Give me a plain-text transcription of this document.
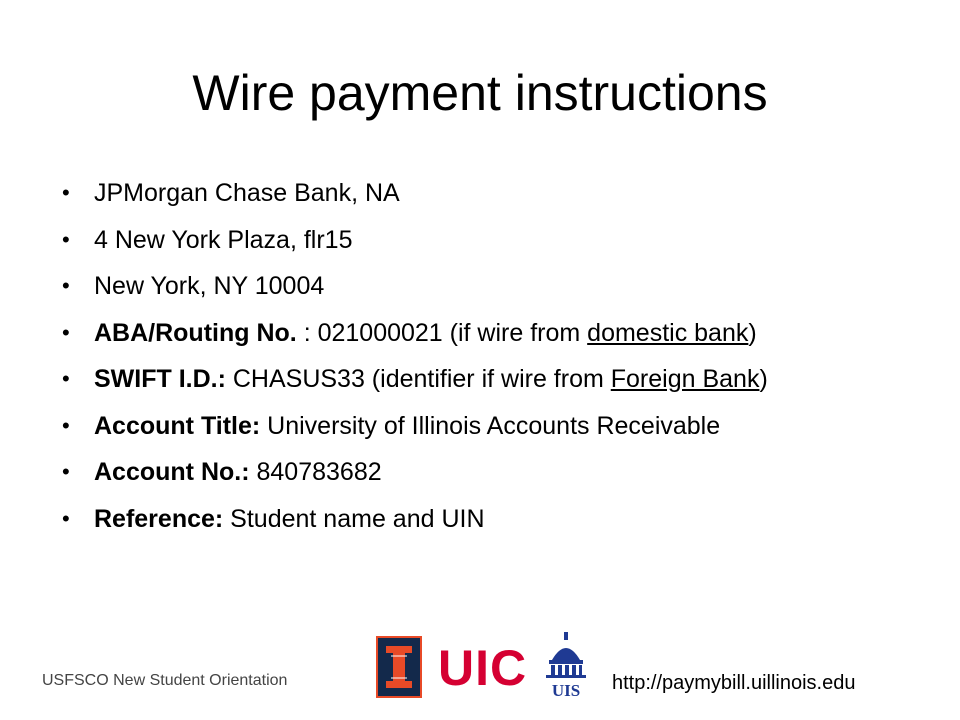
Wire payment instructions
• JPMorgan Chase Bank, NA
• 4 New York Plaza, flr15
• New York, NY 10004
• ABA/Routing No. : 021000021 (if wire from domestic bank)
• SWIFT I.D.: CHASUS33 (identifier if wire from Foreign Bank)
• Account Title: University of Illinois Accounts Receivable
• Account No.: 840783682
• Reference: Student name and UIN
USFSCO New Student Orientation	UIC UIS http://paymybill.uillinois.edu
